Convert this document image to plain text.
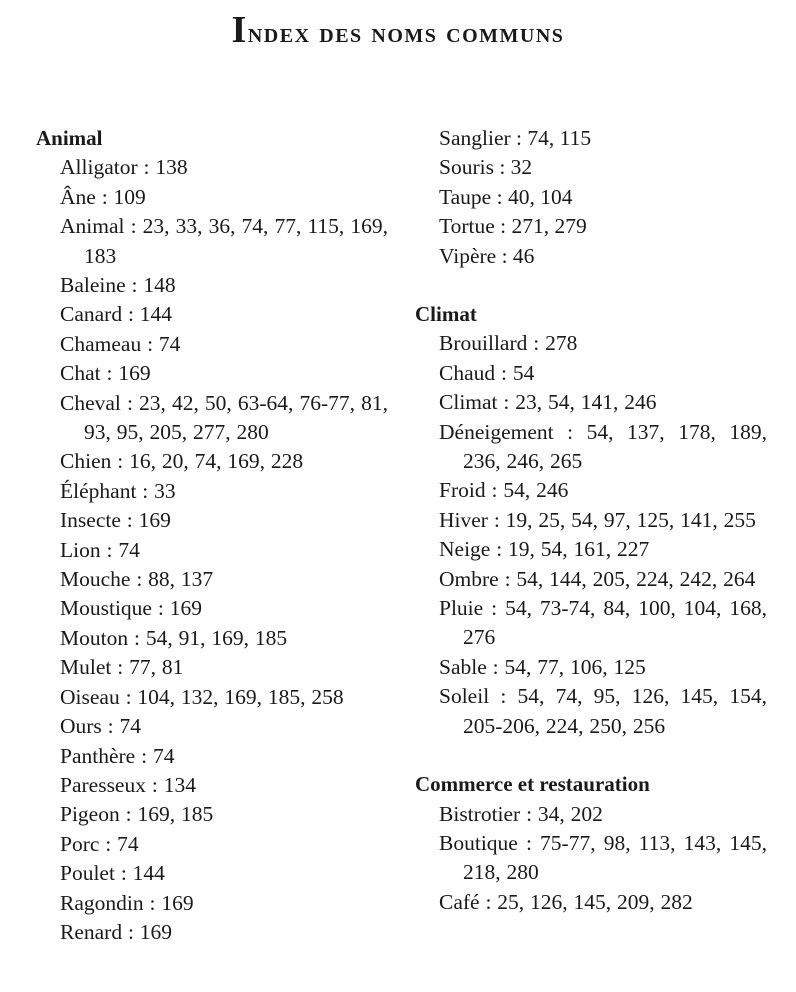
Index des noms communs
Animal
Alligator : 138
Âne : 109
Animal : 23, 33, 36, 74, 77, 115, 169, 183
Baleine : 148
Canard : 144
Chameau : 74
Chat : 169
Cheval : 23, 42, 50, 63-64, 76-77, 81, 93, 95, 205, 277, 280
Chien : 16, 20, 74, 169, 228
Éléphant : 33
Insecte : 169
Lion : 74
Mouche : 88, 137
Moustique : 169
Mouton : 54, 91, 169, 185
Mulet : 77, 81
Oiseau : 104, 132, 169, 185, 258
Ours : 74
Panthère : 74
Paresseux : 134
Pigeon : 169, 185
Porc : 74
Poulet : 144
Ragondin : 169
Renard : 169
Sanglier : 74, 115
Souris : 32
Taupe : 40, 104
Tortue : 271, 279
Vipère : 46
Climat
Brouillard : 278
Chaud : 54
Climat : 23, 54, 141, 246
Déneigement : 54, 137, 178, 189, 236, 246, 265
Froid : 54, 246
Hiver : 19, 25, 54, 97, 125, 141, 255
Neige : 19, 54, 161, 227
Ombre : 54, 144, 205, 224, 242, 264
Pluie : 54, 73-74, 84, 100, 104, 168, 276
Sable : 54, 77, 106, 125
Soleil : 54, 74, 95, 126, 145, 154, 205-206, 224, 250, 256
Commerce et restauration
Bistrotier : 34, 202
Boutique : 75-77, 98, 113, 143, 145, 218, 280
Café : 25, 126, 145, 209, 282
